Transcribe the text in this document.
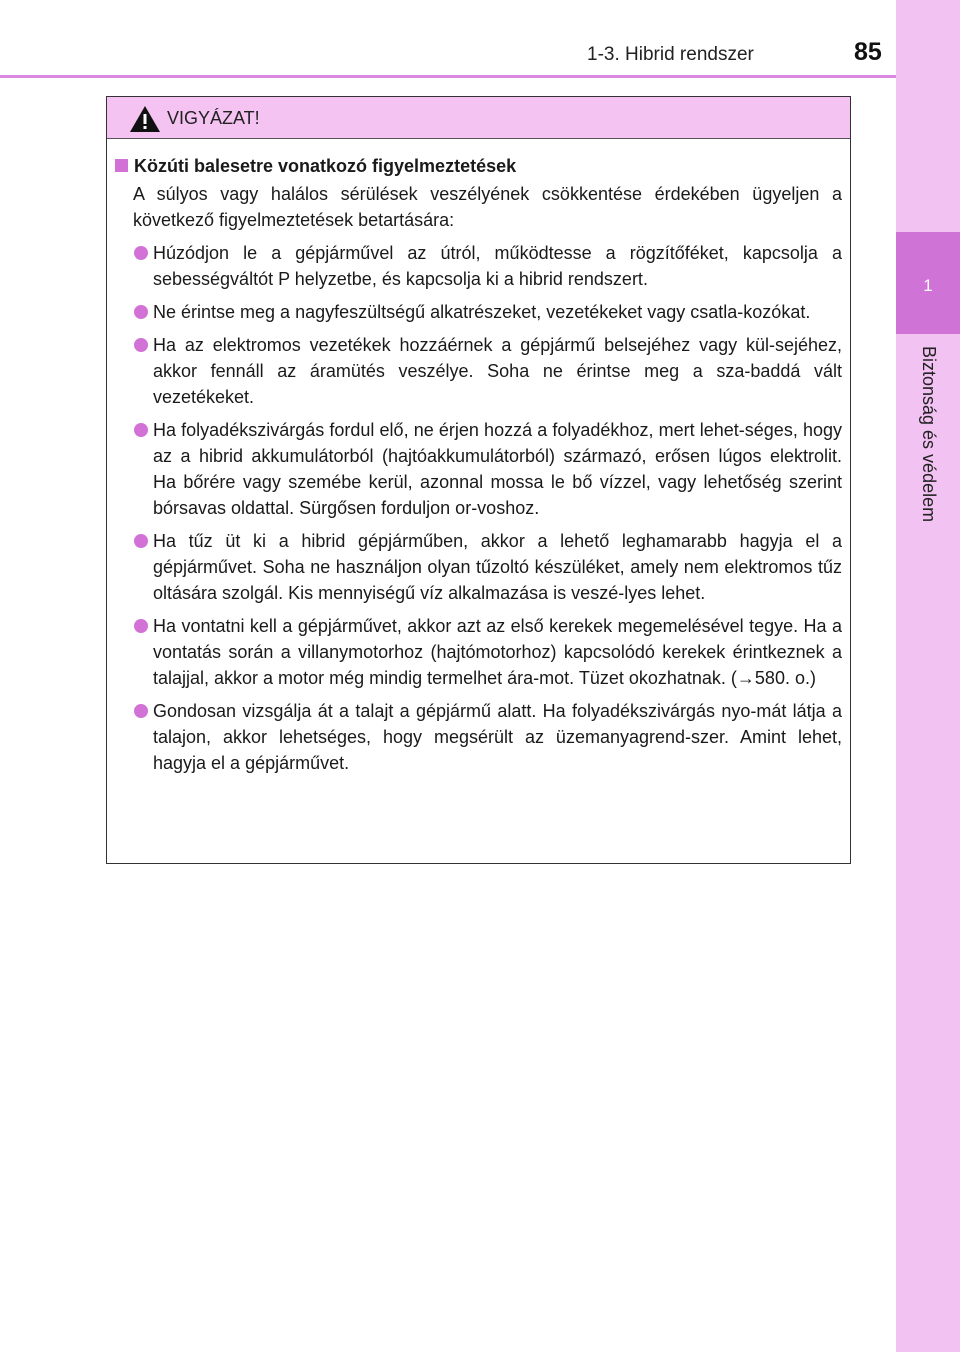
1-3. Hibrid rendszer	85
1
Biztonság és védelem
VIGYÁZAT!
Közúti balesetre vonatkozó figyelmeztetések
A súlyos vagy halálos sérülések veszélyének csökkentése érdekében ügyeljen a következő figyelmeztetések betartására:
Húzódjon le a gépjárművel az útról, működtesse a rögzítőféket, kapcsolja a sebességváltót P helyzetbe, és kapcsolja ki a hibrid rendszert.
Ne érintse meg a nagyfeszültségű alkatrészeket, vezetékeket vagy csatla-kozókat.
Ha az elektromos vezetékek hozzáérnek a gépjármű belsejéhez vagy kül-sejéhez, akkor fennáll az áramütés veszélye. Soha ne érintse meg a sza-baddá vált vezetékeket.
Ha folyadékszivárgás fordul elő, ne érjen hozzá a folyadékhoz, mert lehet-séges, hogy az a hibrid akkumulátorból (hajtóakkumulátorból) származó, erősen lúgos elektrolit. Ha bőrére vagy szemébe kerül, azonnal mossa le bő vízzel, vagy lehetőség szerint bórsavas oldattal. Sürgősen forduljon or-voshoz.
Ha tűz üt ki a hibrid gépjárműben, akkor a lehető leghamarabb hagyja el a gépjárművet. Soha ne használjon olyan tűzoltó készüléket, amely nem elektromos tűz oltására szolgál. Kis mennyiségű víz alkalmazása is veszé-lyes lehet.
Ha vontatni kell a gépjárművet, akkor azt az első kerekek megemelésével tegye. Ha a vontatás során a villanymotorhoz (hajtómotorhoz) kapcsolódó kerekek érintkeznek a talajjal, akkor a motor még mindig termelhet ára-mot. Tüzet okozhatnak. (→580. o.)
Gondosan vizsgálja át a talajt a gépjármű alatt. Ha folyadékszivárgás nyo-mát látja a talajon, akkor lehetséges, hogy megsérült az üzemanyagrend-szer. Amint lehet, hagyja el a gépjárművet.
